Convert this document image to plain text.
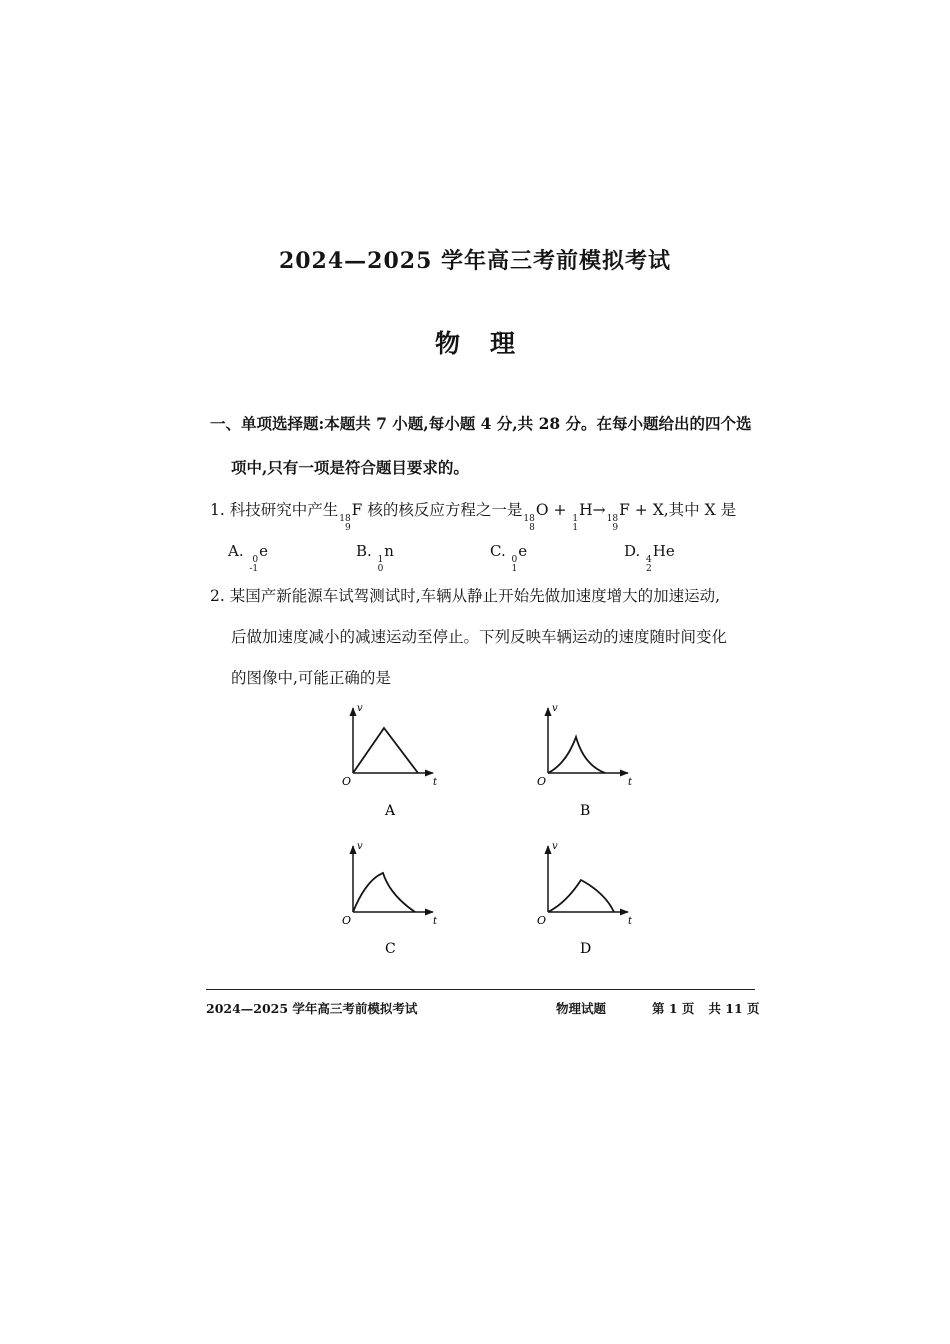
2024—2025 学年高三考前模拟考试
物理
一、单项选择题:本题共 7 小题,每小题 4 分,共 28 分。在每小题给出的四个选
项中,只有一项是符合题目要求的。
1. 科技研究中产生 18
9
F 核的核反应方程之一是 18
8
O + 1
1
H→ 18
9
F + X,其中 X 是
A. 0
-1
e	B. 1
0
n	C. 0
1
e	D. 4
2
He
2. 某国产新能源车试驾测试时,车辆从静止开始先做加速度增大的加速运动,
后做加速度减小的减速运动至停止。下列反映车辆运动的速度随时间变化
的图像中,可能正确的是
v
t
O
A
v
t
O
B
v
t
O
C
v
t
O
D
2024—2025 学年高三考前模拟考试	物理试题	第 1 页 共 11 页
